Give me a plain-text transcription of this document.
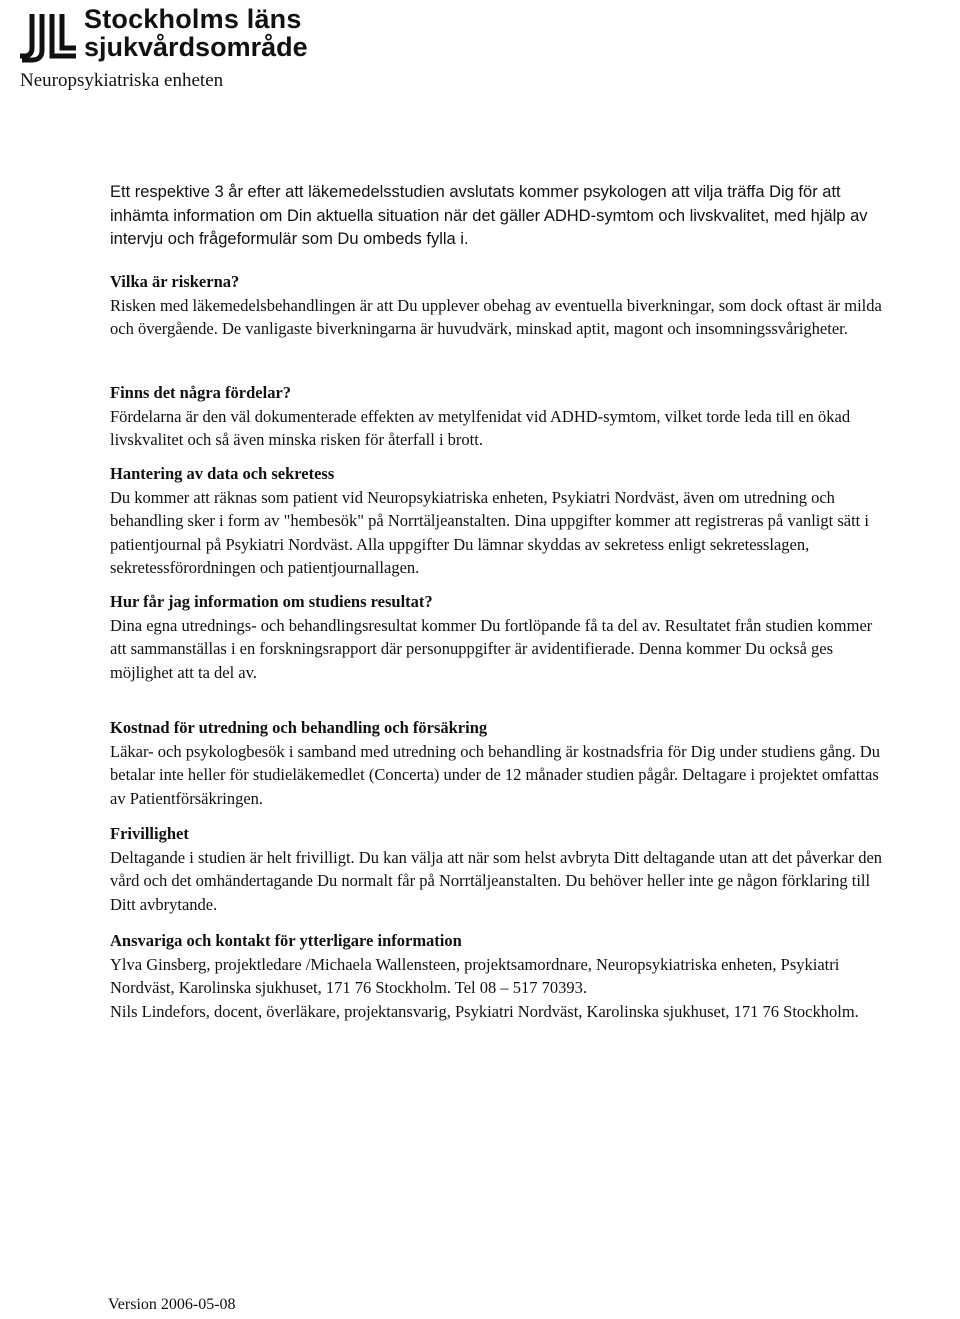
Stockholms läns
sjukvårdsområde
Neuropsykiatriska enheten

Ett respektive 3 år efter att läkemedelsstudien avslutats kommer psykologen att vilja träffa Dig för att inhämta information om Din aktuella situation när det gäller ADHD-symtom och livskvalitet, med hjälp av intervju och frågeformulär som Du ombeds fylla i.

Vilka är riskerna?

Risken med läkemedelsbehandlingen är att Du upplever obehag av eventuella biverkningar, som dock oftast är milda och övergående. De vanligaste biverkningarna är huvudvärk, minskad aptit, magont och insomningssvårigheter.

Finns det några fördelar?

Fördelarna är den väl dokumenterade effekten av metylfenidat vid ADHD-symtom, vilket torde leda till en ökad livskvalitet och så även minska risken för återfall i brott.

Hantering av data och sekretess

Du kommer att räknas som patient vid Neuropsykiatriska enheten, Psykiatri Nordväst, även om utredning och behandling sker i form av "hembesök" på Norrtäljeanstalten. Dina uppgifter kommer att registreras på vanligt sätt i patientjournal på Psykiatri Nordväst. Alla uppgifter Du lämnar skyddas av sekretess enligt sekretesslagen, sekretessförordningen och patientjournallagen.

Hur får jag information om studiens resultat?

Dina egna utrednings- och behandlingsresultat kommer Du fortlöpande få ta del av. Resultatet från studien kommer att sammanställas i en forskningsrapport där personuppgifter är avidentifierade. Denna kommer Du också ges möjlighet att ta del av.

Kostnad för utredning och behandling och försäkring

Läkar- och psykologbesök i samband med utredning och behandling är kostnadsfria för Dig under studiens gång. Du betalar inte heller för studieläkemedlet (Concerta) under de 12 månader studien pågår. Deltagare i projektet omfattas av Patientförsäkringen.

Frivillighet

Deltagande i studien är helt frivilligt. Du kan välja att när som helst avbryta Ditt deltagande utan att det påverkar den vård och det omhändertagande Du normalt får på Norrtäljeanstalten. Du behöver heller inte ge någon förklaring till Ditt avbrytande.

Ansvariga och kontakt för ytterligare information

Ylva Ginsberg, projektledare /Michaela Wallensteen, projektsamordnare, Neuropsykiatriska enheten, Psykiatri Nordväst, Karolinska sjukhuset, 171 76 Stockholm. Tel 08 – 517 70393.

Nils Lindefors, docent, överläkare, projektansvarig, Psykiatri Nordväst, Karolinska sjukhuset, 171 76 Stockholm.

Version 2006-05-08
